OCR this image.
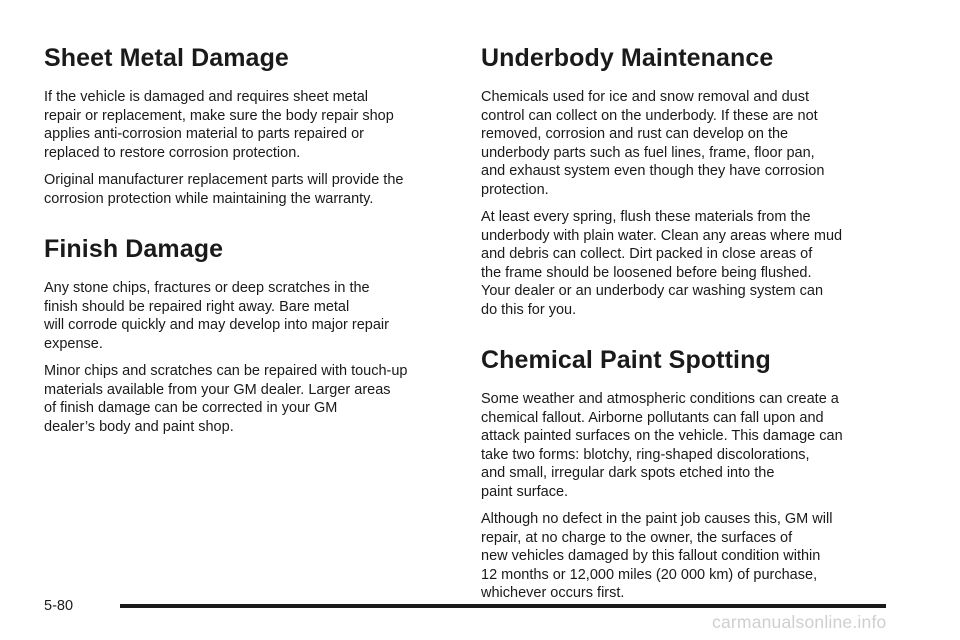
Sheet Metal Damage

If the vehicle is damaged and requires sheet metal
repair or replacement, make sure the body repair shop
applies anti-corrosion material to parts repaired or
replaced to restore corrosion protection.

Original manufacturer replacement parts will provide the
corrosion protection while maintaining the warranty.

Finish Damage

Any stone chips, fractures or deep scratches in the
finish should be repaired right away. Bare metal
will corrode quickly and may develop into major repair
expense.

Minor chips and scratches can be repaired with touch-up
materials available from your GM dealer. Larger areas
of finish damage can be corrected in your GM
dealer’s body and paint shop.

Underbody Maintenance

Chemicals used for ice and snow removal and dust
control can collect on the underbody. If these are not
removed, corrosion and rust can develop on the
underbody parts such as fuel lines, frame, floor pan,
and exhaust system even though they have corrosion
protection.

At least every spring, flush these materials from the
underbody with plain water. Clean any areas where mud
and debris can collect. Dirt packed in close areas of
the frame should be loosened before being flushed.
Your dealer or an underbody car washing system can
do this for you.

Chemical Paint Spotting

Some weather and atmospheric conditions can create a
chemical fallout. Airborne pollutants can fall upon and
attack painted surfaces on the vehicle. This damage can
take two forms: blotchy, ring-shaped discolorations,
and small, irregular dark spots etched into the
paint surface.

Although no defect in the paint job causes this, GM will
repair, at no charge to the owner, the surfaces of
new vehicles damaged by this fallout condition within
12 months or 12,000 miles (20 000 km) of purchase,
whichever occurs first.

5-80
carmanualsonline.info
